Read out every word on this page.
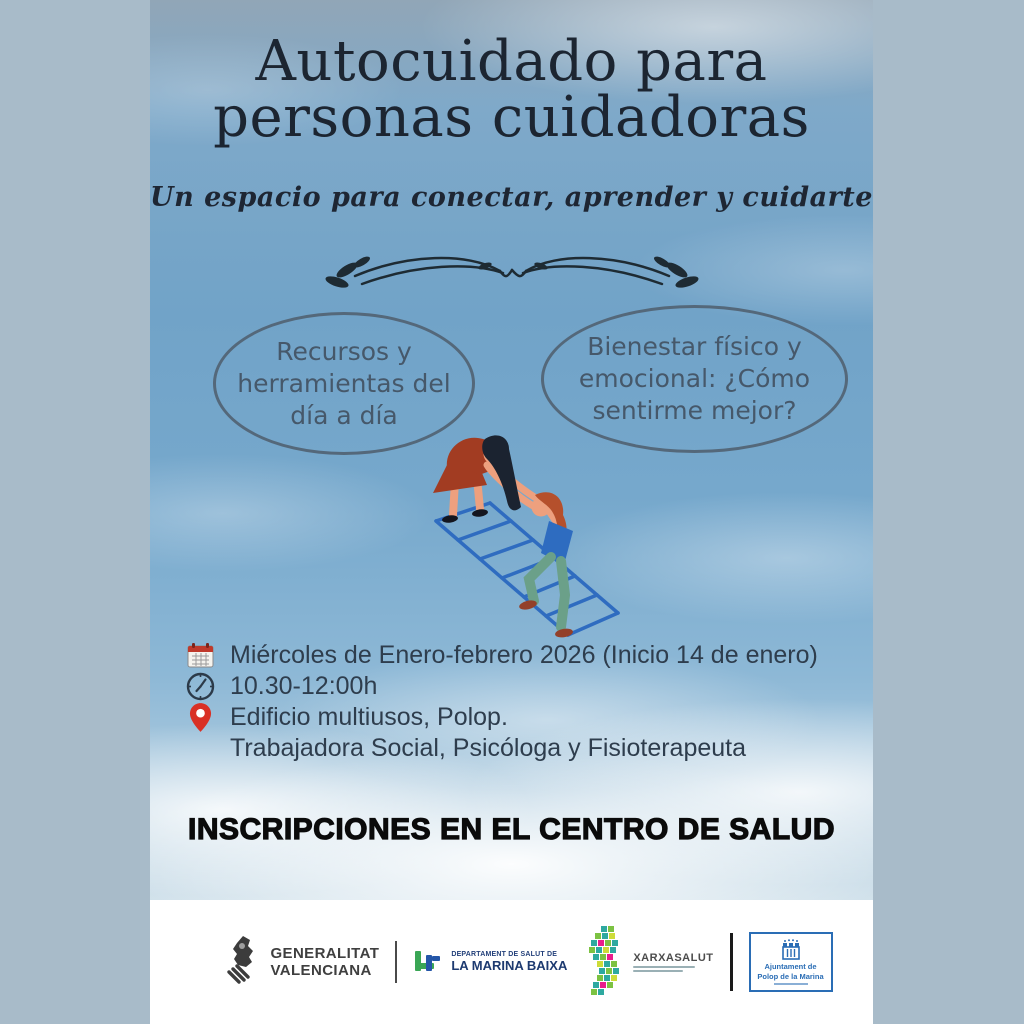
Autocuidado para
personas cuidadoras
Un espacio para conectar, aprender y cuidarte
Recursos y
herramientas del
día a día
Bienestar físico y
emocional: ¿Cómo
sentirme mejor?
Miércoles de Enero-febrero 2026 (Inicio 14 de enero)
10.30-12:00h
Edificio multiusos, Polop.
Trabajadora Social, Psicóloga y Fisioterapeuta
INSCRIPCIONES EN EL CENTRO DE SALUD
GENERALITAT
VALENCIANA
DEPARTAMENT DE SALUT DE
LA MARINA BAIXA
XARXASALUT
Ajuntament de
Polop de la Marina
